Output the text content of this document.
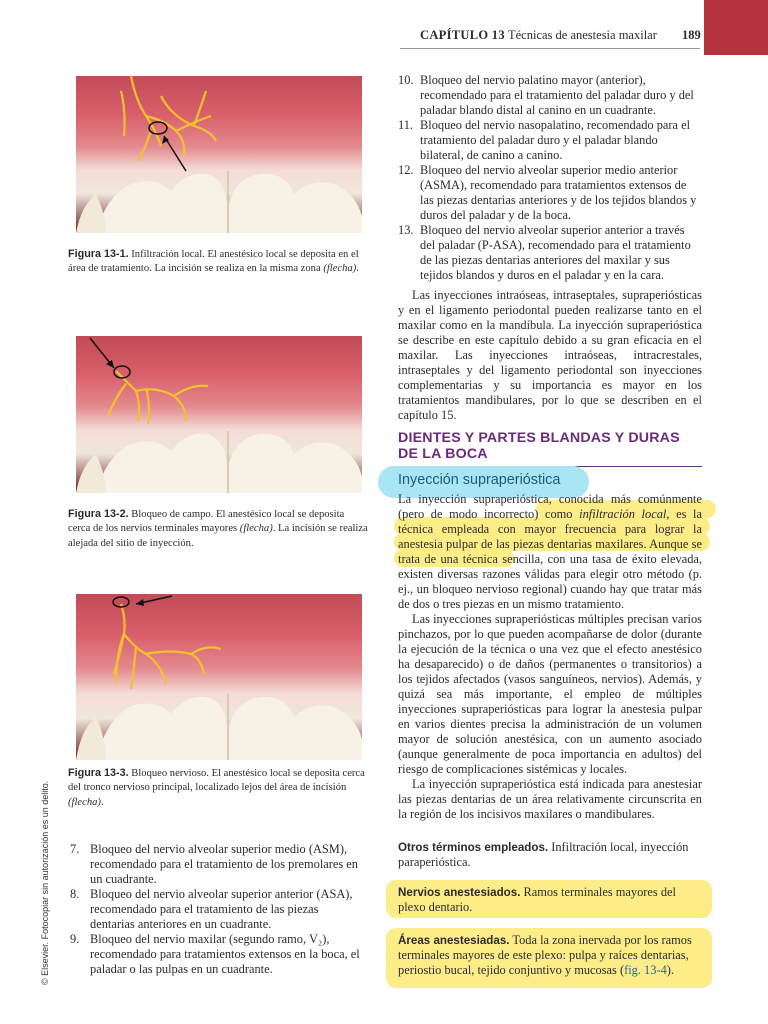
CAPÍTULO 13 Técnicas de anestesia maxilar 189
© Elsevier. Fotocopiar sin autorización es un delito.
Figura 13-1. Infiltración local. El anestésico local se deposita en el área de tratamiento. La incisión se realiza en la misma zona (flecha).
Figura 13-2. Bloqueo de campo. El anestésico local se deposita cerca de los nervios terminales mayores (flecha). La incisión se realiza alejada del sitio de inyección.
Figura 13-3. Bloqueo nervioso. El anestésico local se deposita cerca del tronco nervioso principal, localizado lejos del área de incisión (flecha).
7. Bloqueo del nervio alveolar superior medio (ASM), recomendado para el tratamiento de los premolares en un cuadrante.
8. Bloqueo del nervio alveolar superior anterior (ASA), recomendado para el tratamiento de las piezas dentarias anteriores en un cuadrante.
9. Bloqueo del nervio maxilar (segundo ramo, V₂), recomendado para tratamientos extensos en la boca, el paladar o las pulpas en un cuadrante.
10. Bloqueo del nervio palatino mayor (anterior), recomendado para el tratamiento del paladar duro y del paladar blando distal al canino en un cuadrante.
11. Bloqueo del nervio nasopalatino, recomendado para el tratamiento del paladar duro y el paladar blando bilateral, de canino a canino.
12. Bloqueo del nervio alveolar superior medio anterior (ASMA), recomendado para tratamientos extensos de las piezas dentarias anteriores y de los tejidos blandos y duros del paladar y de la boca.
13. Bloqueo del nervio alveolar superior anterior a través del paladar (P-ASA), recomendado para el tratamiento de las piezas dentarias anteriores del maxilar y sus tejidos blandos y duros en el paladar y en la cara.

Las inyecciones intraóseas, intraseptales, supraperiósticas y en el ligamento periodontal pueden realizarse tanto en el maxilar como en la mandíbula. La inyección supraperióstica se describe en este capítulo debido a su gran eficacia en el maxilar. Las inyecciones intraóseas, intracrestales, intraseptales y del ligamento periodontal son inyecciones complementarias y su importancia es mayor en los tratamientos mandibulares, por lo que se describen en el capítulo 15.

DIENTES Y PARTES BLANDAS Y DURAS
DE LA BOCA
Inyección supraperióstica

La inyección supraperióstica, conocida más comúnmente (pero de modo incorrecto) como infiltración local, es la técnica empleada con mayor frecuencia para lograr la anestesia pulpar de las piezas dentarias maxilares. Aunque se trata de una técnica sencilla, con una tasa de éxito elevada, existen diversas razones válidas para elegir otro método (p. ej., un bloqueo nervioso regional) cuando hay que tratar más de dos o tres piezas en un mismo tratamiento.

Las inyecciones supraperiósticas múltiples precisan varios pinchazos, por lo que pueden acompañarse de dolor (durante la ejecución de la técnica o una vez que el efecto anestésico ha desaparecido) o de daños (permanentes o transitorios) a los tejidos afectados (vasos sanguíneos, nervios). Además, y quizá sea más importante, el empleo de múltiples inyecciones supraperiósticas para lograr la anestesia pulpar en varios dientes precisa la administración de un volumen mayor de solución anestésica, con un aumento asociado (aunque generalmente de poca importancia en adultos) del riesgo de complicaciones sistémicas y locales.

La inyección supraperióstica está indicada para anestesiar las piezas dentarias de un área relativamente circunscrita en la región de los incisivos maxilares o mandibulares.

Otros términos empleados. Infiltración local, inyección paraperióstica.
Nervios anestesiados. Ramos terminales mayores del plexo dentario.
Áreas anestesiadas. Toda la zona inervada por los ramos terminales mayores de este plexo: pulpa y raíces dentarias, periostio bucal, tejido conjuntivo y mucosas (fig. 13-4).
